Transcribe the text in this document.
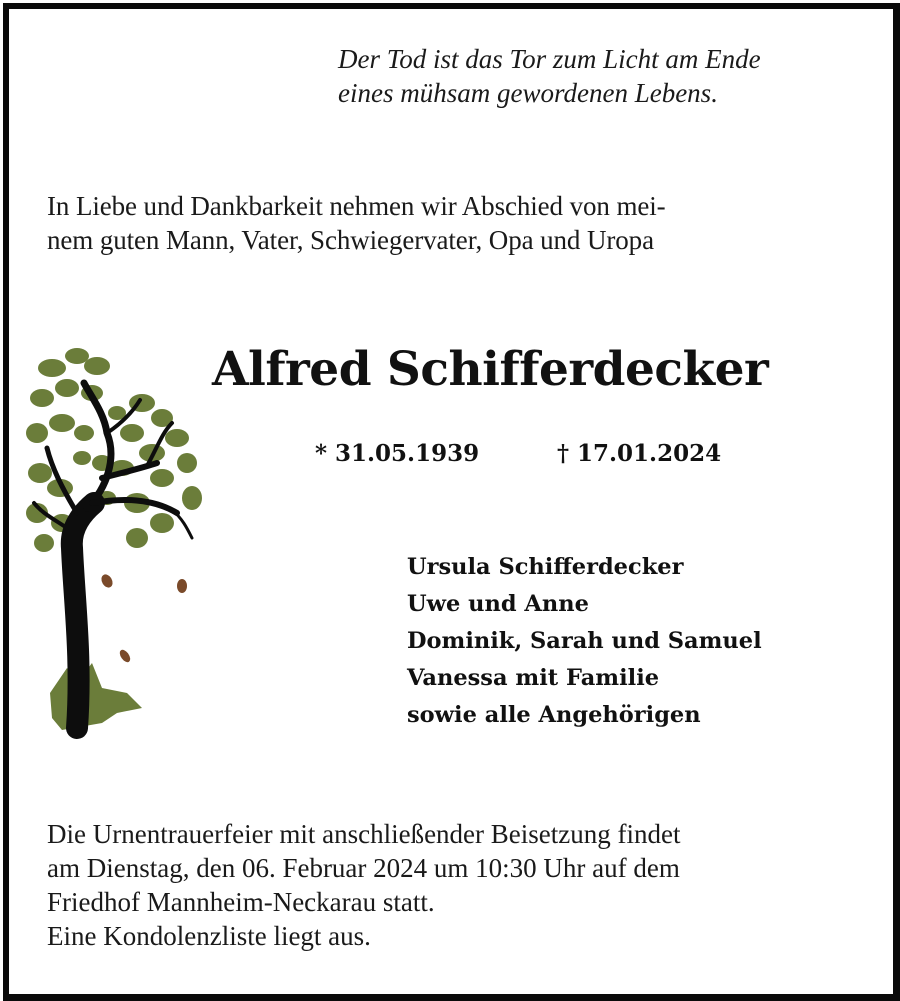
Der Tod ist das Tor zum Licht am Ende
eines mühsam gewordenen Lebens.
In Liebe und Dankbarkeit nehmen wir Abschied von mei-
nem guten Mann, Vater, Schwiegervater, Opa und Uropa
Alfred Schifferdecker
* 31.05.1939	† 17.01.2024
Ursula Schifferdecker
Uwe und Anne
Dominik, Sarah und Samuel
Vanessa mit Familie
sowie alle Angehörigen
Die Urnentrauerfeier mit anschließender Beisetzung findet
am Dienstag, den 06. Februar 2024 um 10:30 Uhr auf dem
Friedhof Mannheim-Neckarau statt.
Eine Kondolenzliste liegt aus.
